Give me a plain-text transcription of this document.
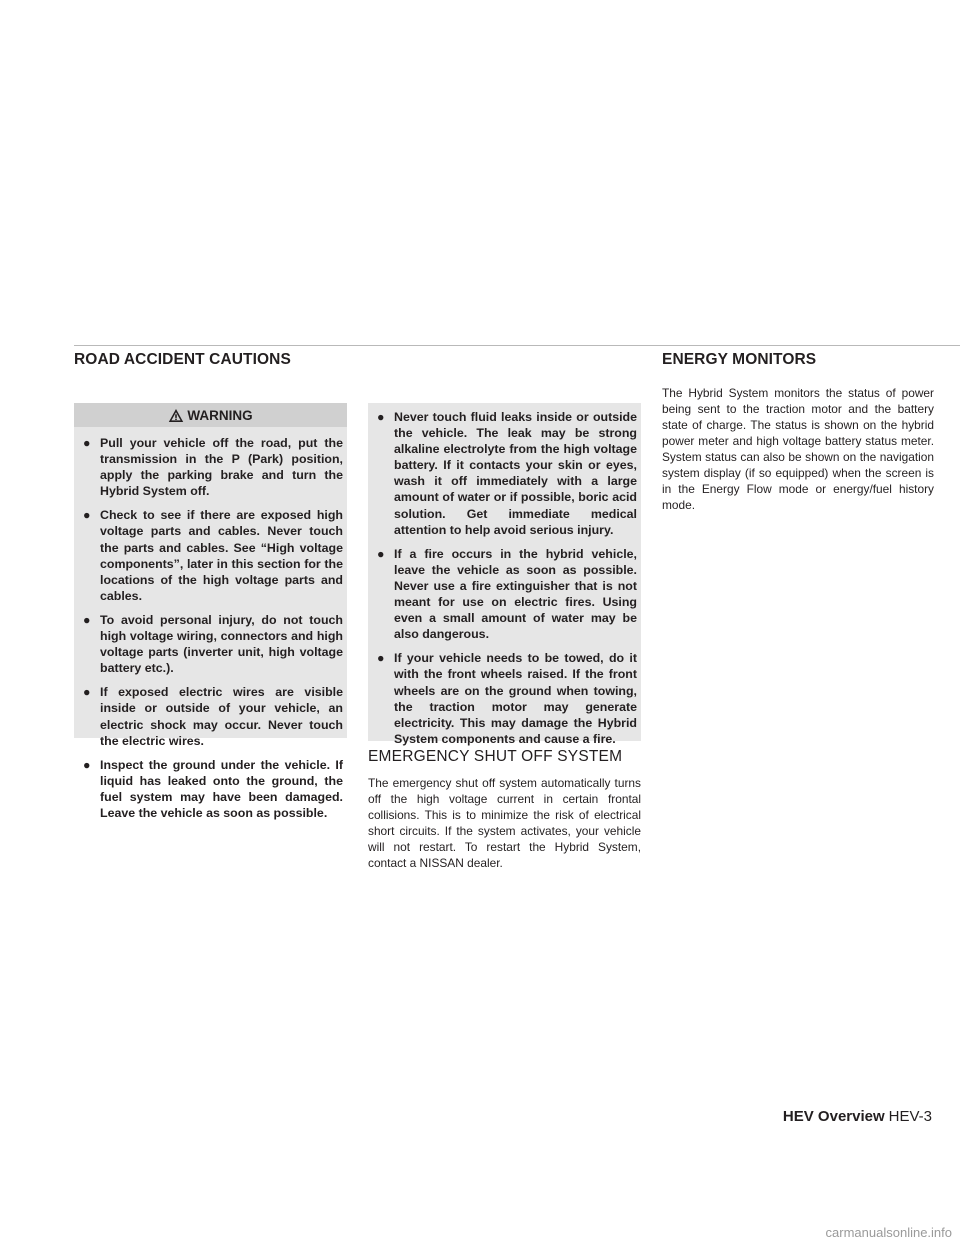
ROAD ACCIDENT CAUTIONS	ENERGY MONITORS
WARNING
● Pull your vehicle off the road, put the transmission in the P (Park) position, apply the parking brake and turn the Hybrid System off.
● Check to see if there are exposed high voltage parts and cables. Never touch the parts and cables. See “High voltage components”, later in this section for the locations of the high voltage parts and cables.
● To avoid personal injury, do not touch high voltage wiring, connectors and high voltage parts (inverter unit, high voltage battery etc.).
● If exposed electric wires are visible inside or outside of your vehicle, an electric shock may occur. Never touch the electric wires.
● Inspect the ground under the vehicle. If liquid has leaked onto the ground, the fuel system may have been damaged. Leave the vehicle as soon as possible.
● Never touch fluid leaks inside or outside the vehicle. The leak may be strong alkaline electrolyte from the high voltage battery. If it contacts your skin or eyes, wash it off immediately with a large amount of water or if possible, boric acid solution. Get immediate medical attention to help avoid serious injury.
● If a fire occurs in the hybrid vehicle, leave the vehicle as soon as possible. Never use a fire extinguisher that is not meant for use on electric fires. Using even a small amount of water may be also dangerous.
● If your vehicle needs to be towed, do it with the front wheels raised. If the front wheels are on the ground when towing, the traction motor may generate electricity. This may damage the Hybrid System components and cause a fire.
EMERGENCY SHUT OFF SYSTEM

The emergency shut off system automatically turns off the high voltage current in certain frontal collisions. This is to minimize the risk of electrical short circuits. If the system activates, your vehicle will not restart. To restart the Hybrid System, contact a NISSAN dealer.

The Hybrid System monitors the status of power being sent to the traction motor and the battery state of charge. The status is shown on the hybrid power meter and high voltage battery status meter. System status can also be shown on the navigation system display (if so equipped) when the screen is in the Energy Flow mode or energy/fuel history mode.

HEV Overview HEV-3
carmanualsonline.info
